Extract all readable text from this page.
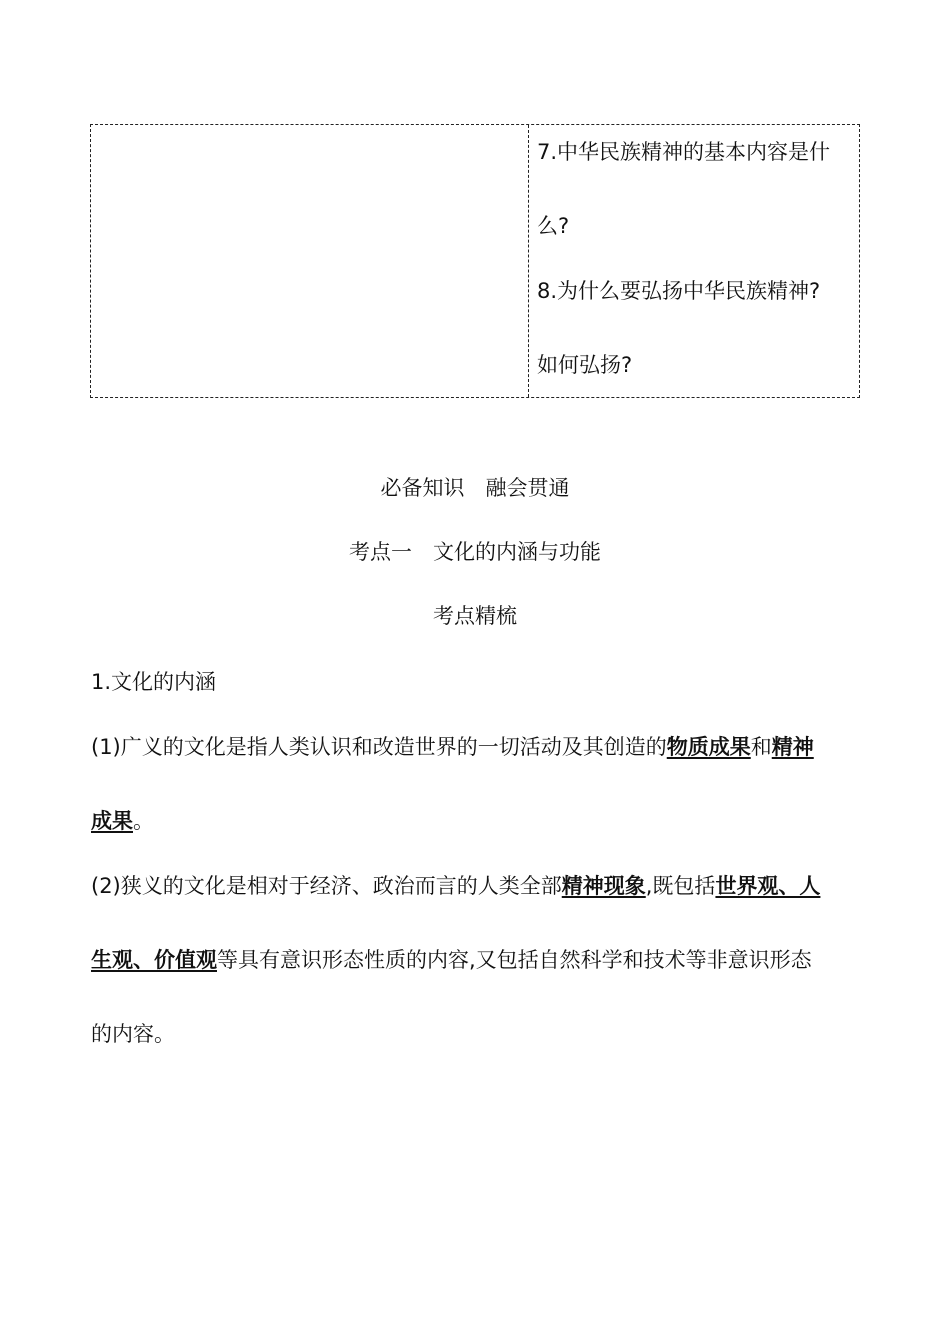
7.中华民族精神的基本内容是什
么?
8.为什么要弘扬中华民族精神?
如何弘扬?
必备知识　融会贯通
考点一　文化的内涵与功能
考点精梳
1.文化的内涵
(1)广义的文化是指人类认识和改造世界的一切活动及其创造的物质成果和精神
成果。
(2)狭义的文化是相对于经济、政治而言的人类全部精神现象,既包括世界观、人
生观、价值观等具有意识形态性质的内容,又包括自然科学和技术等非意识形态
的内容。
